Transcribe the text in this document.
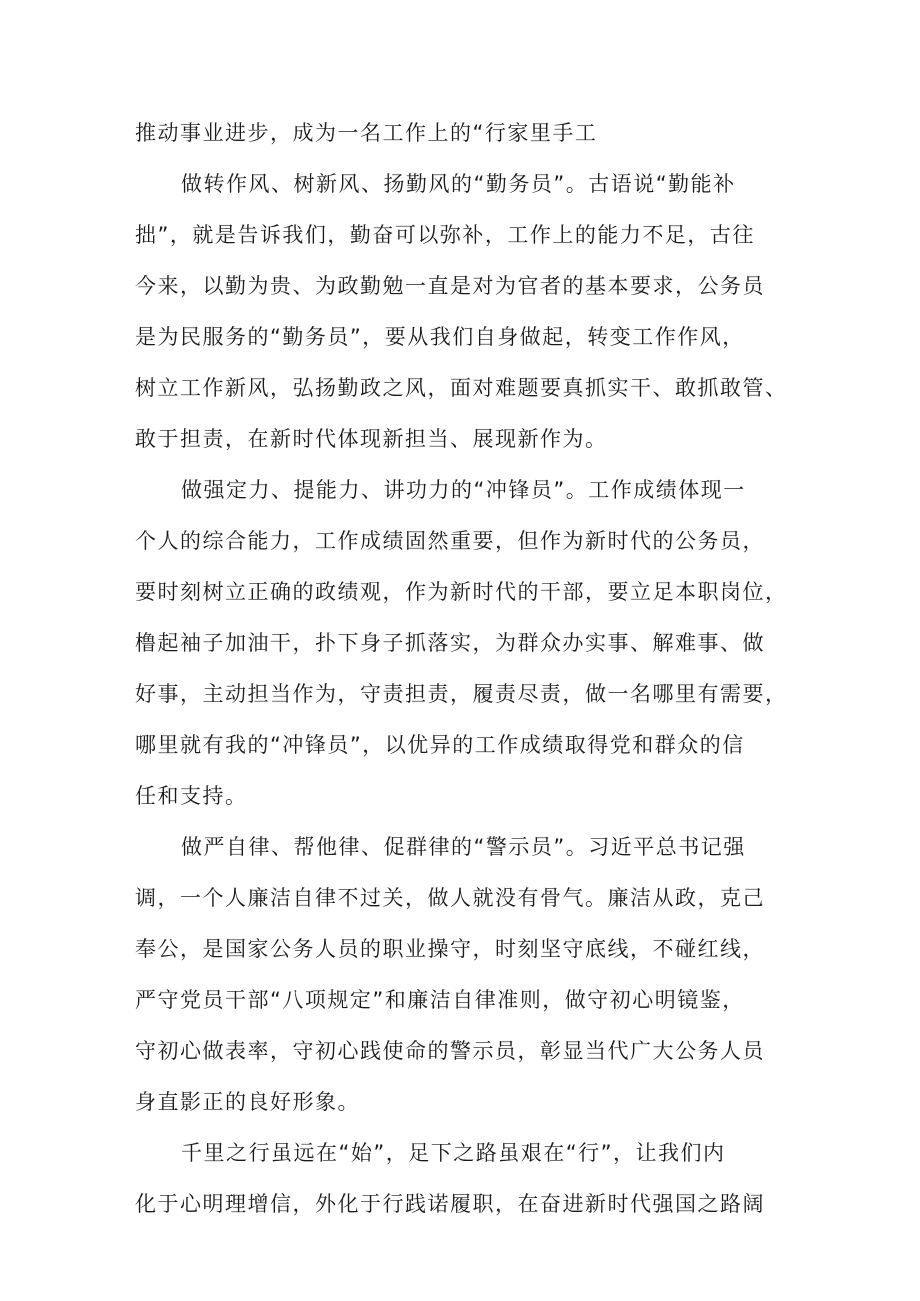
推动事业进步，成为一名工作上的“行家里手工
做转作风、树新风、扬勤风的“勤务员”。古语说“勤能补
拙”，就是告诉我们，勤奋可以弥补，工作上的能力不足，古往
今来，以勤为贵、为政勤勉一直是对为官者的基本要求，公务员
是为民服务的“勤务员”，要从我们自身做起，转变工作作风，
树立工作新风，弘扬勤政之风，面对难题要真抓实干、敢抓敢管、
敢于担责，在新时代体现新担当、展现新作为。
做强定力、提能力、讲功力的“冲锋员”。工作成绩体现一
个人的综合能力，工作成绩固然重要，但作为新时代的公务员，
要时刻树立正确的政绩观，作为新时代的干部，要立足本职岗位，
橹起袖子加油干，扑下身子抓落实，为群众办实事、解难事、做
好事，主动担当作为，守责担责，履责尽责，做一名哪里有需要，
哪里就有我的“冲锋员”，以优异的工作成绩取得党和群众的信
任和支持。
做严自律、帮他律、促群律的“警示员”。习近平总书记强
调，一个人廉洁自律不过关，做人就没有骨气。廉洁从政，克己
奉公，是国家公务人员的职业操守，时刻坚守底线，不碰红线，
严守党员干部“八项规定”和廉洁自律准则，做守初心明镜鉴，
守初心做表率，守初心践使命的警示员，彰显当代广大公务人员
身直影正的良好形象。
千里之行虽远在“始”，足下之路虽艰在“行”，让我们内
化于心明理增信，外化于行践诺履职，在奋进新时代强国之路阔
